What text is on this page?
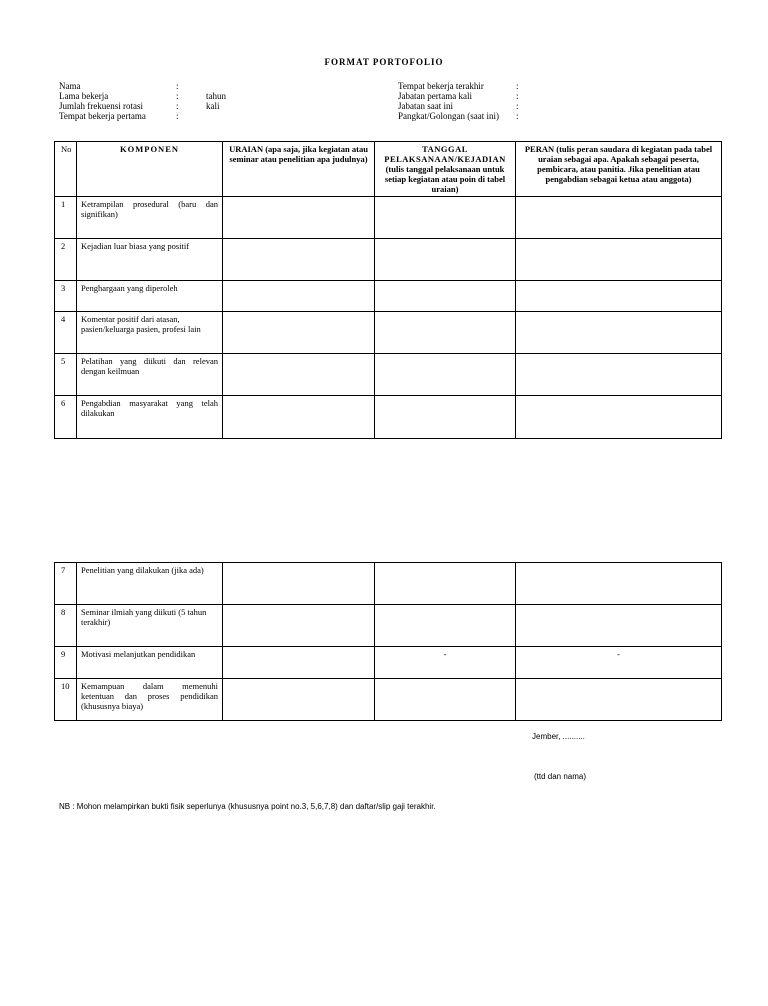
FORMAT PORTOFOLIO
Nama	:
Lama bekerja	:	tahun
Jumlah frekuensi rotasi	:	kali
Tempat bekerja pertama	:
Tempat bekerja terakhir	:
Jabatan pertama kali	:
Jabatan saat ini	:
Pangkat/Golongan (saat ini) :
No	KOMPONEN	URAIAN (apa saja, jika kegiatan atau seminar atau penelitian apa judulnya)	TANGGAL PELAKSANAAN/KEJADIAN
(tulis tanggal pelaksanaan untuk setiap kegiatan atau poin di tabel uraian)	PERAN (tulis peran saudara di kegiatan pada tabel uraian sebagai apa. Apakah sebagai peserta, pembicara, atau panitia. Jika penelitian atau pengabdian sebagai ketua atau anggota)
1	Ketrampilan prosedural (baru dan signifikan)			
2	Kejadian luar biasa yang positif			
3	Penghargaan yang diperoleh			
4	Komentar positif dari atasan, pasien/keluarga pasien, profesi lain			
5	Pelatihan yang diikuti dan relevan dengan keilmuan			
6	Pengabdian masyarakat yang telah dilakukan			
7	Penelitian yang dilakukan (jika ada)			
8	Seminar ilmiah yang diikuti (5 tahun terakhir)			
9	Motivasi melanjutkan pendidikan		-	-
10	Kemampuan dalam memenuhi ketentuan dan proses pendidikan (khususnya biaya)			
Jember, ..........
(ttd dan nama)
NB : Mohon melampirkan bukti fisik seperlunya (khususnya point no.3, 5,6,7,8) dan daftar/slip gaji terakhir.
